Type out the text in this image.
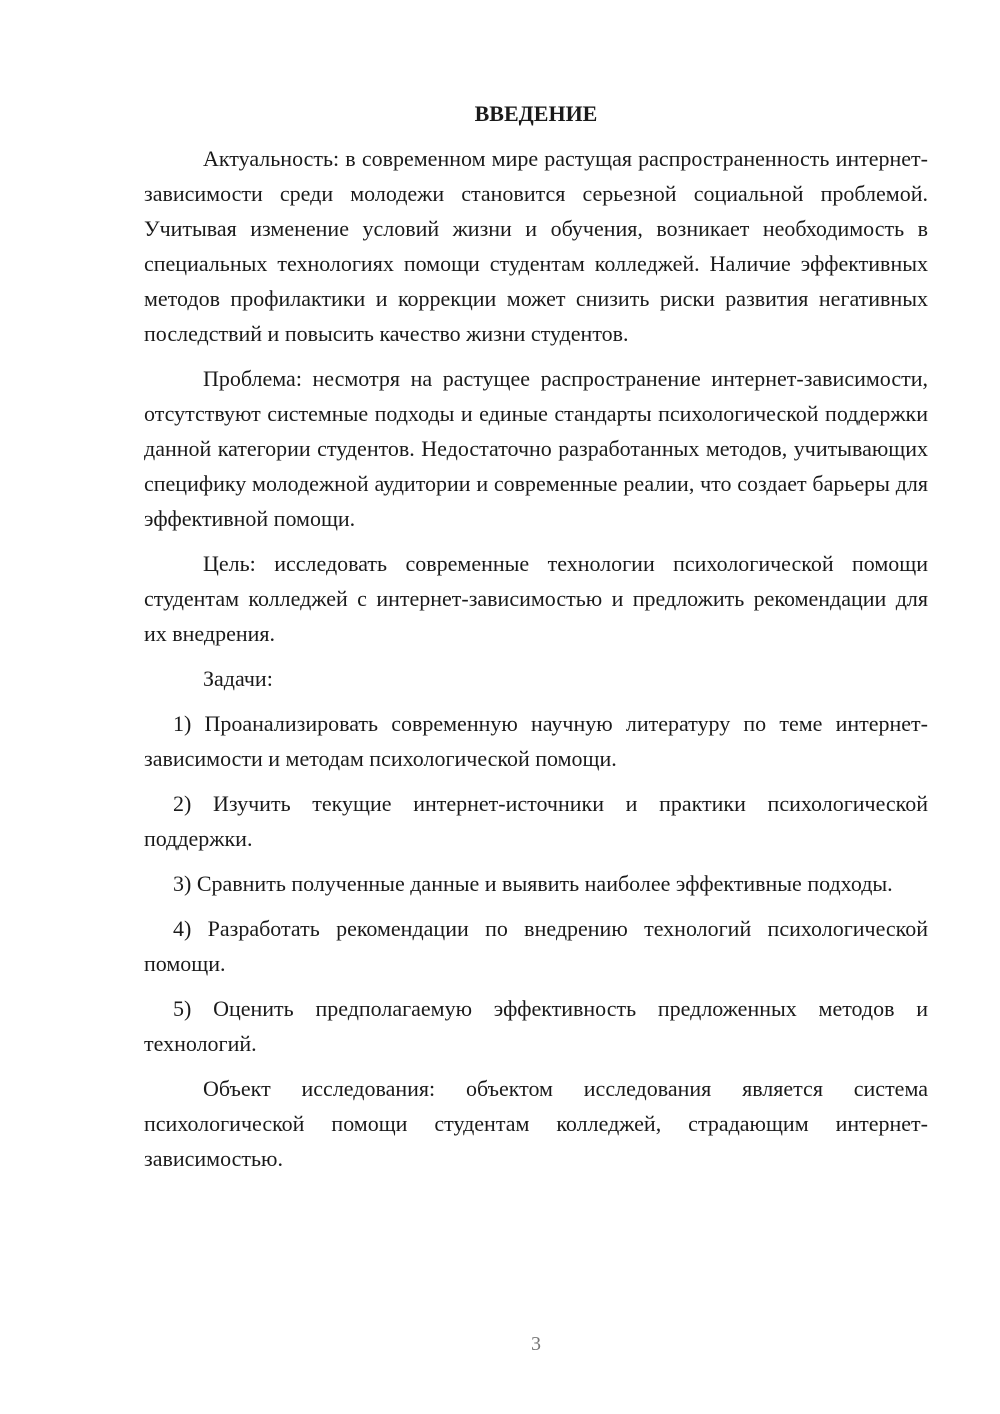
ВВЕДЕНИЕ

Актуальность: в современном мире растущая распространенность интернет-зависимости среди молодежи становится серьезной социальной проблемой. Учитывая изменение условий жизни и обучения, возникает необходимость в специальных технологиях помощи студентам колледжей. Наличие эффективных методов профилактики и коррекции может снизить риски развития негативных последствий и повысить качество жизни студентов.

Проблема: несмотря на растущее распространение интернет-зависимости, отсутствуют системные подходы и единые стандарты психологической поддержки данной категории студентов. Недостаточно разработанных методов, учитывающих специфику молодежной аудитории и современные реалии, что создает барьеры для эффективной помощи.

Цель: исследовать современные технологии психологической помощи студентам колледжей с интернет-зависимостью и предложить рекомендации для их внедрения.

Задачи:

1) Проанализировать современную научную литературу по теме интернет-зависимости и методам психологической помощи.

2) Изучить текущие интернет-источники и практики психологической поддержки.

3) Сравнить полученные данные и выявить наиболее эффективные подходы.

4) Разработать рекомендации по внедрению технологий психологической помощи.

5) Оценить предполагаемую эффективность предложенных методов и технологий.

Объект исследования: объектом исследования является система психологической помощи студентам колледжей, страдающим интернет-зависимостью.

3
